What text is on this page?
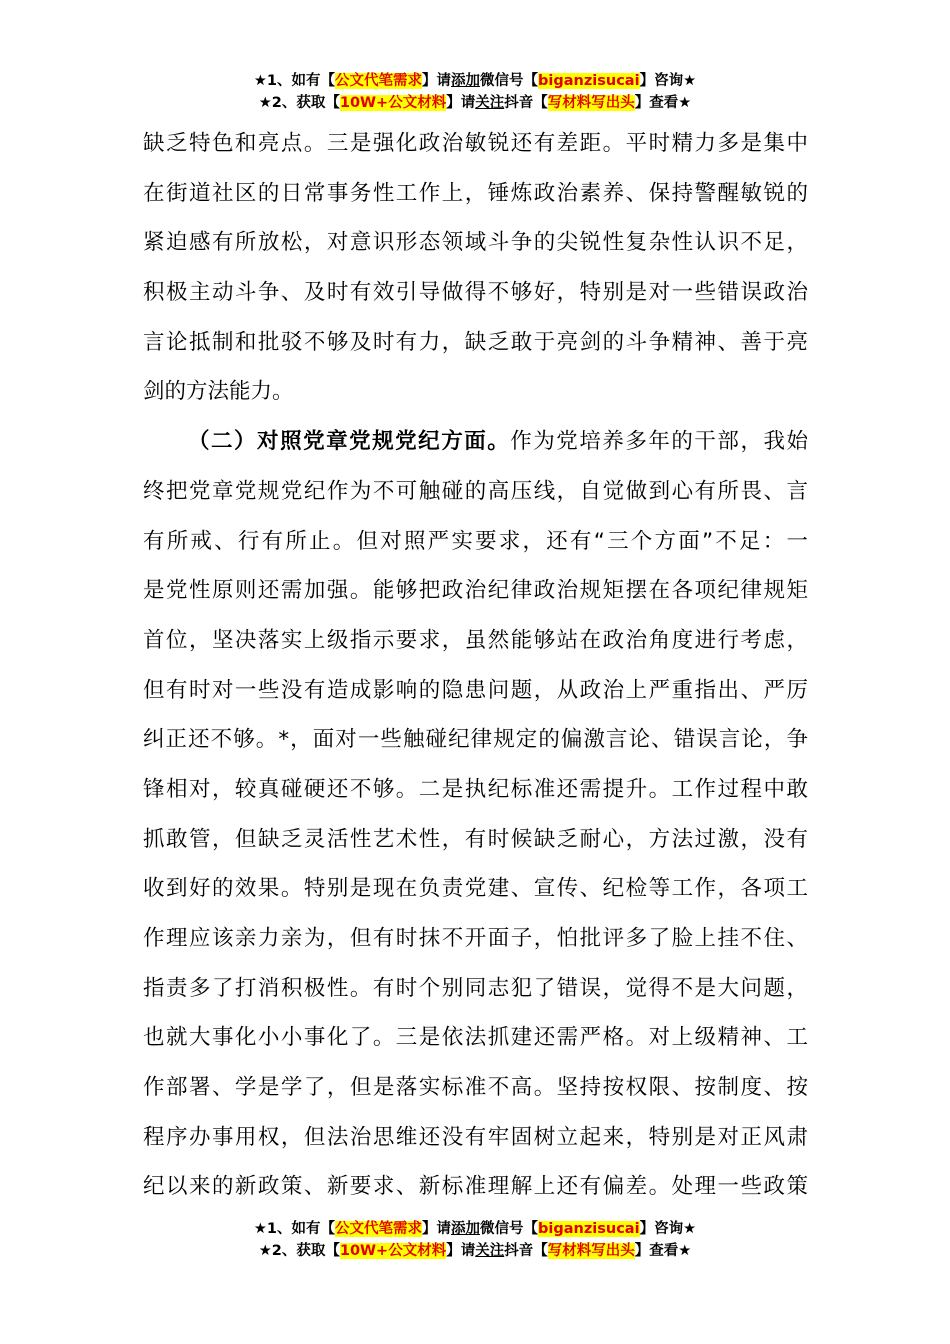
★1、如有【公文代笔需求】请添加微信号【biganzisucai】咨询★
★2、获取【10W+公文材料】请关注抖音【写材料写出头】查看★
缺乏特色和亮点。三是强化政治敏锐还有差距。平时精力多是集中
在街道社区的日常事务性工作上，锤炼政治素养、保持警醒敏锐的
紧迫感有所放松，对意识形态领域斗争的尖锐性复杂性认识不足，
积极主动斗争、及时有效引导做得不够好，特别是对一些错误政治
言论抵制和批驳不够及时有力，缺乏敢于亮剑的斗争精神、善于亮
剑的方法能力。
（二）对照党章党规党纪方面。作为党培养多年的干部，我始
终把党章党规党纪作为不可触碰的高压线，自觉做到心有所畏、言
有所戒、行有所止。但对照严实要求，还有“三个方面”不足：一
是党性原则还需加强。能够把政治纪律政治规矩摆在各项纪律规矩
首位，坚决落实上级指示要求，虽然能够站在政治角度进行考虑，
但有时对一些没有造成影响的隐患问题，从政治上严重指出、严厉
纠正还不够。*，面对一些触碰纪律规定的偏激言论、错误言论，争
锋相对，较真碰硬还不够。二是执纪标准还需提升。工作过程中敢
抓敢管，但缺乏灵活性艺术性，有时候缺乏耐心，方法过激，没有
收到好的效果。特别是现在负责党建、宣传、纪检等工作，各项工
作理应该亲力亲为，但有时抹不开面子，怕批评多了脸上挂不住、
指责多了打消积极性。有时个别同志犯了错误，觉得不是大问题，
也就大事化小小事化了。三是依法抓建还需严格。对上级精神、工
作部署、学是学了，但是落实标准不高。坚持按权限、按制度、按
程序办事用权，但法治思维还没有牢固树立起来，特别是对正风肃
纪以来的新政策、新要求、新标准理解上还有偏差。处理一些政策
★1、如有【公文代笔需求】请添加微信号【biganzisucai】咨询★
★2、获取【10W+公文材料】请关注抖音【写材料写出头】查看★
